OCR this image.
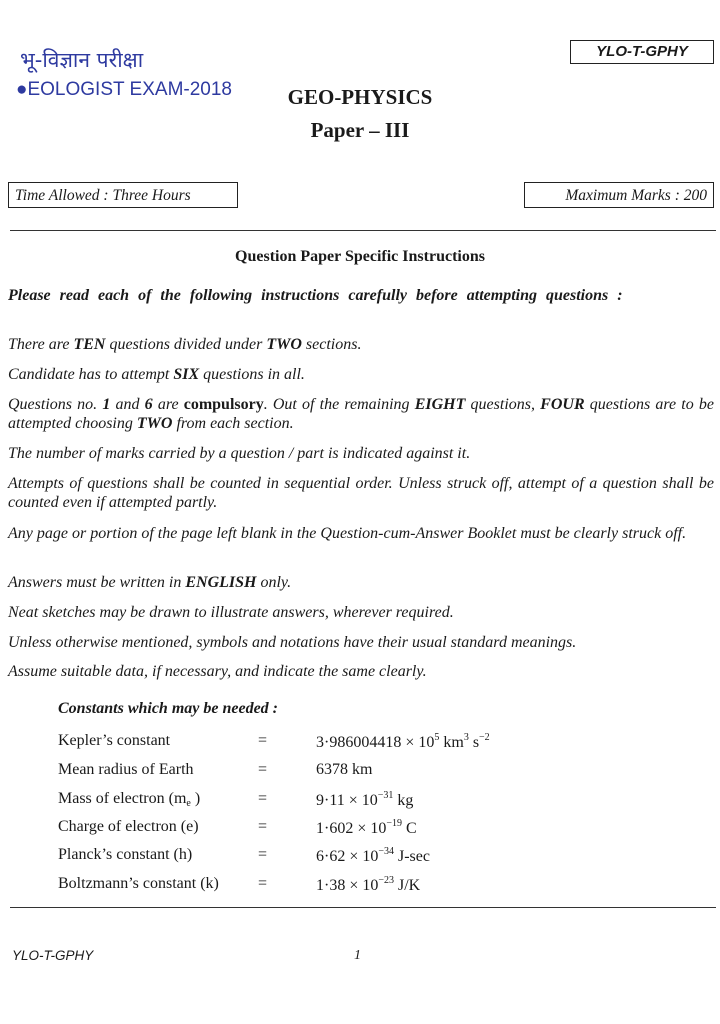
भू-विज्ञान परीक्षा
●EOLOGIST EXAM-2018
YLO-T-GPHY
GEO-PHYSICS
Paper – III
Time Allowed : Three Hours	Maximum Marks : 200
Question Paper Specific Instructions
Please read each of the following instructions carefully before attempting questions :
There are TEN questions divided under TWO sections.
Candidate has to attempt SIX questions in all.
Questions no. 1 and 6 are compulsory. Out of the remaining EIGHT questions, FOUR questions are to be attempted choosing TWO from each section.
The number of marks carried by a question / part is indicated against it.
Attempts of questions shall be counted in sequential order. Unless struck off, attempt of a question shall be counted even if attempted partly.
Any page or portion of the page left blank in the Question-cum-Answer Booklet must be clearly struck off.
Answers must be written in ENGLISH only.
Neat sketches may be drawn to illustrate answers, wherever required.
Unless otherwise mentioned, symbols and notations have their usual standard meanings.
Assume suitable data, if necessary, and indicate the same clearly.
Constants which may be needed :
Kepler’s constant	=	$3\cdot 986004418 \times 10^5$ $km^3$ $s^{-2}$
Mean radius of Earth	=	6378 km
Mass of electron ($m_e$ )	=	$9\cdot 11 \times 10^{-31}$ kg
Charge of electron (e)	=	$1\cdot 602 \times 10^{-19}$ C
Planck’s constant (h)	=	$6\cdot 62 \times 10^{-34}$ J-sec
Boltzmann’s constant (k) =	$1\cdot 38 \times 10^{-23}$ J/K
YLO-T-GPHY	1
